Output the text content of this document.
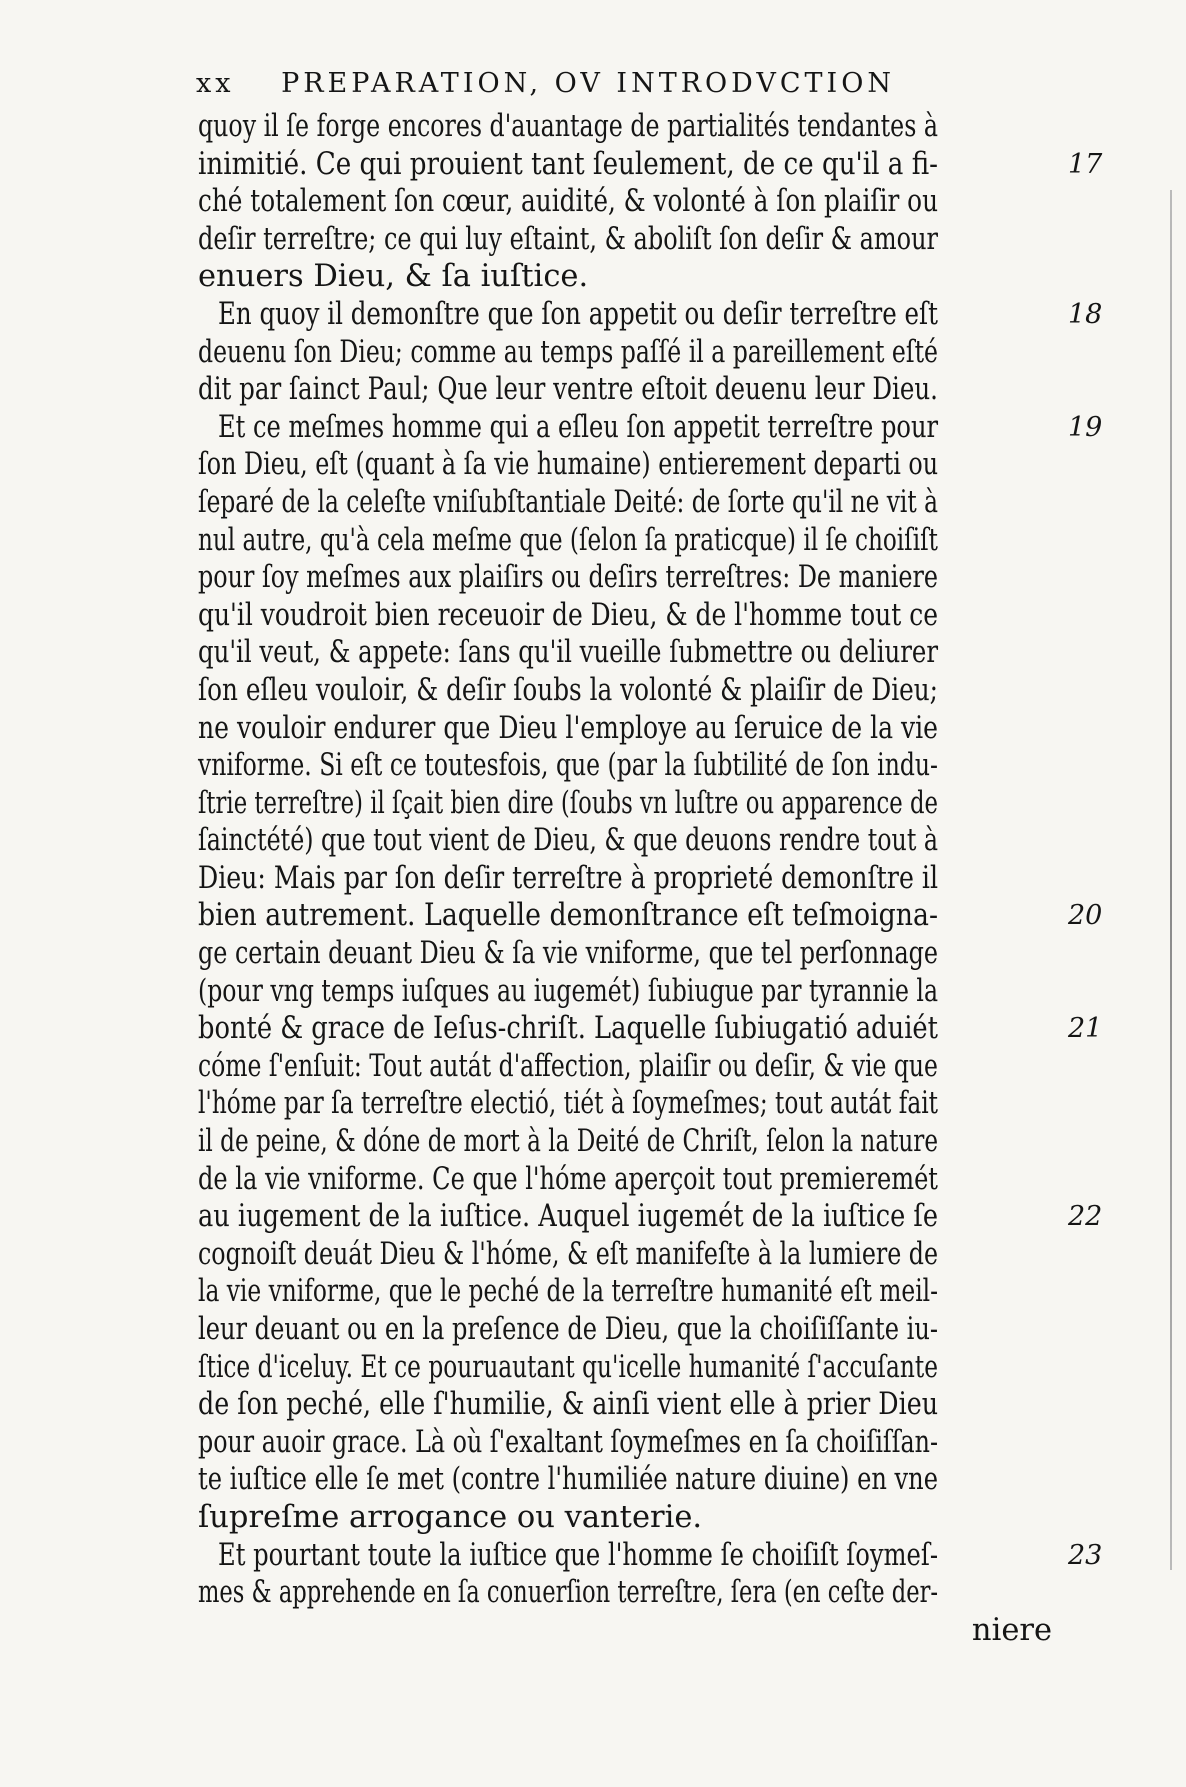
xx PREPARATION, OV INTRODVCTION
quoy il ſe forge encores d'auantage de partialités tendantes à
inimitié. Ce qui prouient tant ſeulement, de ce qu'il a fi-	17
ché totalement ſon cœur, auidité, & volonté à ſon plaiſir ou
deſir terreſtre; ce qui luy eſtaint, & aboliſt ſon deſir & amour
enuers Dieu, & ſa iuſtice.
En quoy il demonſtre que ſon appetit ou deſir terreſtre eſt	18
deuenu ſon Dieu; comme au temps paſſé il a pareillement eſté
dit par ſainct Paul; Que leur ventre eſtoit deuenu leur Dieu.
Et ce meſmes homme qui a eſleu ſon appetit terreſtre pour	19
ſon Dieu, eſt (quant à ſa vie humaine) entierement departi ou
ſeparé de la celeſte vniſubſtantiale Deité: de ſorte qu'il ne vit à
nul autre, qu'à cela meſme que (ſelon ſa praticque) il ſe choiſiſt
pour ſoy meſmes aux plaiſirs ou deſirs terreſtres: De maniere
qu'il voudroit bien receuoir de Dieu, & de l'homme tout ce
qu'il veut, & appete: ſans qu'il vueille ſubmettre ou deliurer
ſon eſleu vouloir, & deſir ſoubs la volonté & plaiſir de Dieu;
ne vouloir endurer que Dieu l'employe au ſeruice de la vie
vniforme. Si eſt ce toutesfois, que (par la ſubtilité de ſon indu-
ſtrie terreſtre) il ſçait bien dire (ſoubs vn luſtre ou apparence de
ſainctété) que tout vient de Dieu, & que deuons rendre tout à
Dieu: Mais par ſon deſir terreſtre à proprieté demonſtre il
bien autrement. Laquelle demonſtrance eſt teſmoigna-	20
ge certain deuant Dieu & ſa vie vniforme, que tel perſonnage
(pour vng temps iuſques au iugemét) ſubiugue par tyrannie la
bonté & grace de Ieſus-chriſt. Laquelle ſubiugatió aduiét	21
cóme ſ'enſuit: Tout autát d'affection, plaiſir ou deſir, & vie que
l'hóme par ſa terreſtre electió, tiét à ſoymeſmes; tout autát fait
il de peine, & dóne de mort à la Deité de Chriſt, ſelon la nature
de la vie vniforme. Ce que l'hóme aperçoit tout premieremét
au iugement de la iuſtice. Auquel iugemét de la iuſtice ſe	22
cognoiſt deuát Dieu & l'hóme, & eſt manifeſte à la lumiere de
la vie vniforme, que le peché de la terreſtre humanité eſt meil-
leur deuant ou en la preſence de Dieu, que la choiſiſſante iu-
ſtice d'iceluy. Et ce pouruautant qu'icelle humanité ſ'accuſante
de ſon peché, elle ſ'humilie, & ainſi vient elle à prier Dieu
pour auoir grace. Là où ſ'exaltant ſoymeſmes en ſa choiſiſſan-
te iuſtice elle ſe met (contre l'humiliée nature diuine) en vne
ſupreſme arrogance ou vanterie.
Et pourtant toute la iuſtice que l'homme ſe choiſiſt ſoymeſ-	23
mes & apprehende en ſa conuerſion terreſtre, ſera (en ceſte der-
niere
